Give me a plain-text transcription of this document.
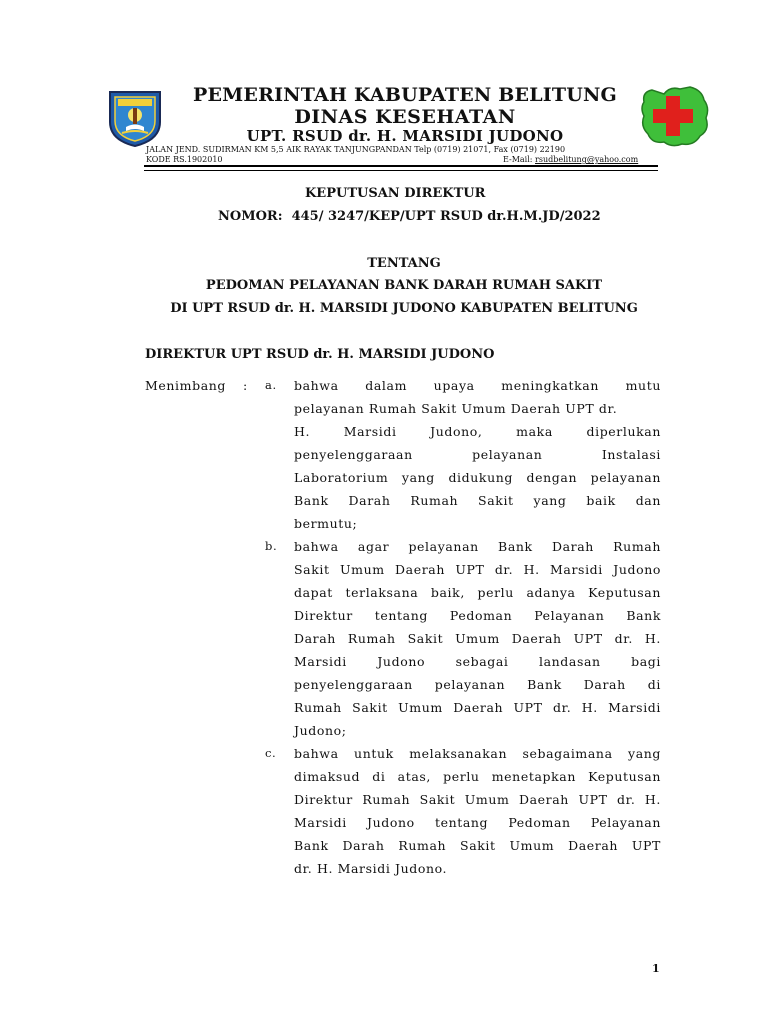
PEMERINTAH KABUPATEN BELITUNG
DINAS KESEHATAN
UPT. RSUD dr. H. MARSIDI JUDONO
JALAN JEND. SUDIRMAN KM 5,5 AIK RAYAK TANJUNGPANDAN Telp (0719) 21071, Fax (0719) 22190
KODE RS.1902010	E-Mail: rsudbelitung@yahoo.com
KEPUTUSAN DIREKTUR
NOMOR:  445/ 3247/KEP/UPT RSUD dr.H.M.JD/2022
TENTANG
PEDOMAN PELAYANAN BANK DARAH RUMAH SAKIT
DI UPT RSUD dr. H. MARSIDI JUDONO KABUPATEN BELITUNG
DIREKTUR UPT RSUD dr. H. MARSIDI JUDONO
Menimbang : a. bahwa dalam upaya meningkatkan mutu
pelayanan Rumah Sakit Umum Daerah UPT dr.
H. Marsidi Judono, maka diperlukan
penyelenggaraan pelayanan Instalasi
Laboratorium yang didukung dengan pelayanan
Bank Darah Rumah Sakit yang baik dan
bermutu;
b. bahwa agar pelayanan Bank Darah Rumah
Sakit Umum Daerah UPT dr. H. Marsidi Judono
dapat terlaksana baik, perlu adanya Keputusan
Direktur tentang Pedoman Pelayanan Bank
Darah Rumah Sakit Umum Daerah UPT dr. H.
Marsidi Judono sebagai landasan bagi
penyelenggaraan pelayanan Bank Darah di
Rumah Sakit Umum Daerah UPT dr. H. Marsidi
Judono;
c. bahwa untuk melaksanakan sebagaimana yang
dimaksud di atas, perlu menetapkan Keputusan
Direktur Rumah Sakit Umum Daerah UPT dr. H.
Marsidi Judono tentang Pedoman Pelayanan
Bank Darah Rumah Sakit Umum Daerah UPT
dr. H. Marsidi Judono.
1
